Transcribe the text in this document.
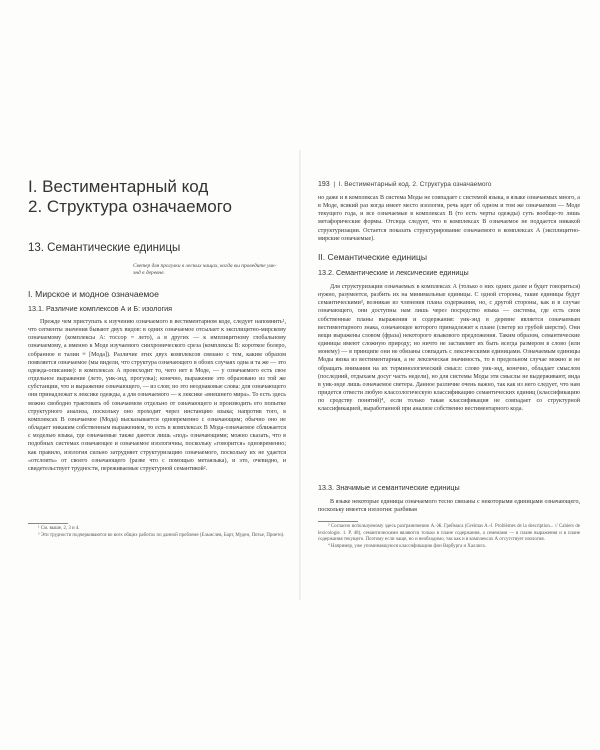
I. Вестиментарный код
2. Структура означаемого
13. Семантические единицы
Светер для прогулки в лесных чащах, когда вы проведите уик-энд в деревне.
I. Мирское и модное означаемое
13.1. Различие комплексов А и Б: изология

Прежде чем приступать к изучению означаемого в вестиментарном коде, следует напомнить¹, что сегменты значения бывают двух видов: в одних означаемое отсылает к эксплицитно-мирскому означаемому (комплексы А: тоссор = лето), а в других — к имплицитному глобальному означаемому, а именно к Моде изучаемого синхронического среза (комплексы В: короткое болеро, собранное в талии ≡ [Мода]). Различие этих двух комплексов связано с тем, каким образом появляется означаемое (мы видели, что структура означающего в обоих случаях одна и та же — это одежда-описание): в комплексах А происходит то, чего нет в Моде, — у означаемого есть свое отдельное выражение (лето, уик-энд, прогулка); конечно, выражение это образовано из той же субстанции, что и выражение означающего, — из слов; но это неоднаковые слова: для означающего они принадлежат к лексике одежды, а для означаемого — к лексике «внешнего мира». То есть здесь можно свободно трактовать об означаемом отдельно от означающего и производить его попытке структурного анализа, поскольку оно проходит через инстанцию языка; напротив того, в комплексах В означаемое (Мода) высказывается одновременно с означающим; обычно оно не обладает никаким собственным выражением, то есть в комплексах В Мода-означаемое сближается с моделью языка, где означаемые также даются лишь «под» означающими; можно сказать, что в подобных системах означающее и означаемое изологичны, поскольку «говорится» одновременно; как правило, изология сильно затрудняет структуризацию означаемого, поскольку их не удается «отслоить» от своего означающего (разве что с помощью метаязыка), и это, очевидно, и свидетельствует трудности, переживаемые структурной семантикой².

¹ См. выше, 2, 3 и 4.

² Эти трудности подчеркиваются во всех общих работах по данной проблеме (Ельмслев, Барт, Муден, Потье, Прието).

193  |  I. Вестиментарный код. 2. Структура означаемого

но даже и в комплексах В система Моды не совпадает с системой языка, в языке означаемых много, а в Моде, всякий раз когда имеет место изология, речь идет об одном и том же означаемом — Моде текущего года, и все означаемые в комплексах В (то есть черты одежды) суть вообще-то лишь метафорические формы. Отсюда следует, что в комплексах В означаемое не поддается никакой структуризации. Остается показать структурирование означаемого в комплексах А (эксплицитно-мирские означаемые).

II. Семантические единицы
13.2. Семантические и лексические единицы

Для структуризации означаемых в комплексах А (только о них одних далее и будет говориться) нужно, разумеется, разбить их на минимальные единицы. С одной стороны, такие единицы будут семантическими³, возникая из членения плана содержания, но, с другой стороны, как и в случае означающего, они доступны нам лишь через посредство языка — системы, где есть свои собственные планы выражения и содержания: уик-энд в деревне является означаемым вестиментарного знака, означающее которого принадлежит к плане (светер из грубой шерсти). Они вещи выражены словом (фраза) некоторого языкового предложения. Таким образом, семантические единицы имеют сложную природу; но ничто не заставляет их быть всегда размером в слово (или монему) — в принципе они не обязаны совпадать с лексическими единицами. Означаемым единицы Моды вязка из вестиментарная, а не лексическая значимость, то в предельном случае можно и не обращать внимания на их терминологический смысл: слово уик-энд, конечно, обладает смыслом (последний, отдыхаем досуг часть недели), но для системы Моды эти смыслы не выдерживают, вида в уик-энде лишь означаемое светера. Данное различие очень важно, так как из него следует, что нам придется отвести любую классологическую классификацию семантических единиц (классификацию по сродству понятий)⁴, если только такая классификация не совпадает со структурной классификацией, выработанной при анализе собственно вестиментарного кода.

13.3. Значимые и семантические единицы

В языке некоторые единицы означаемого тесно связаны с некоторыми единицами означающего, поскольку имеется изология: разбивая

³ Согласно используемому здесь разграничению А.-Ж. Греймаса (Greimas A.-J. Problèmes de la description... // Cahiers de lexicologie. 1. P. 48), семантическими являются только в плане содержания, а семемами — в плане выражения и в плане содержания текущего. Поэтому если чаще, но и необходимо, так как и в комплексах А отсутствует изология.

⁴ Например, уже упоминавшуюся классификацию фон Варбурга и Халлига.
